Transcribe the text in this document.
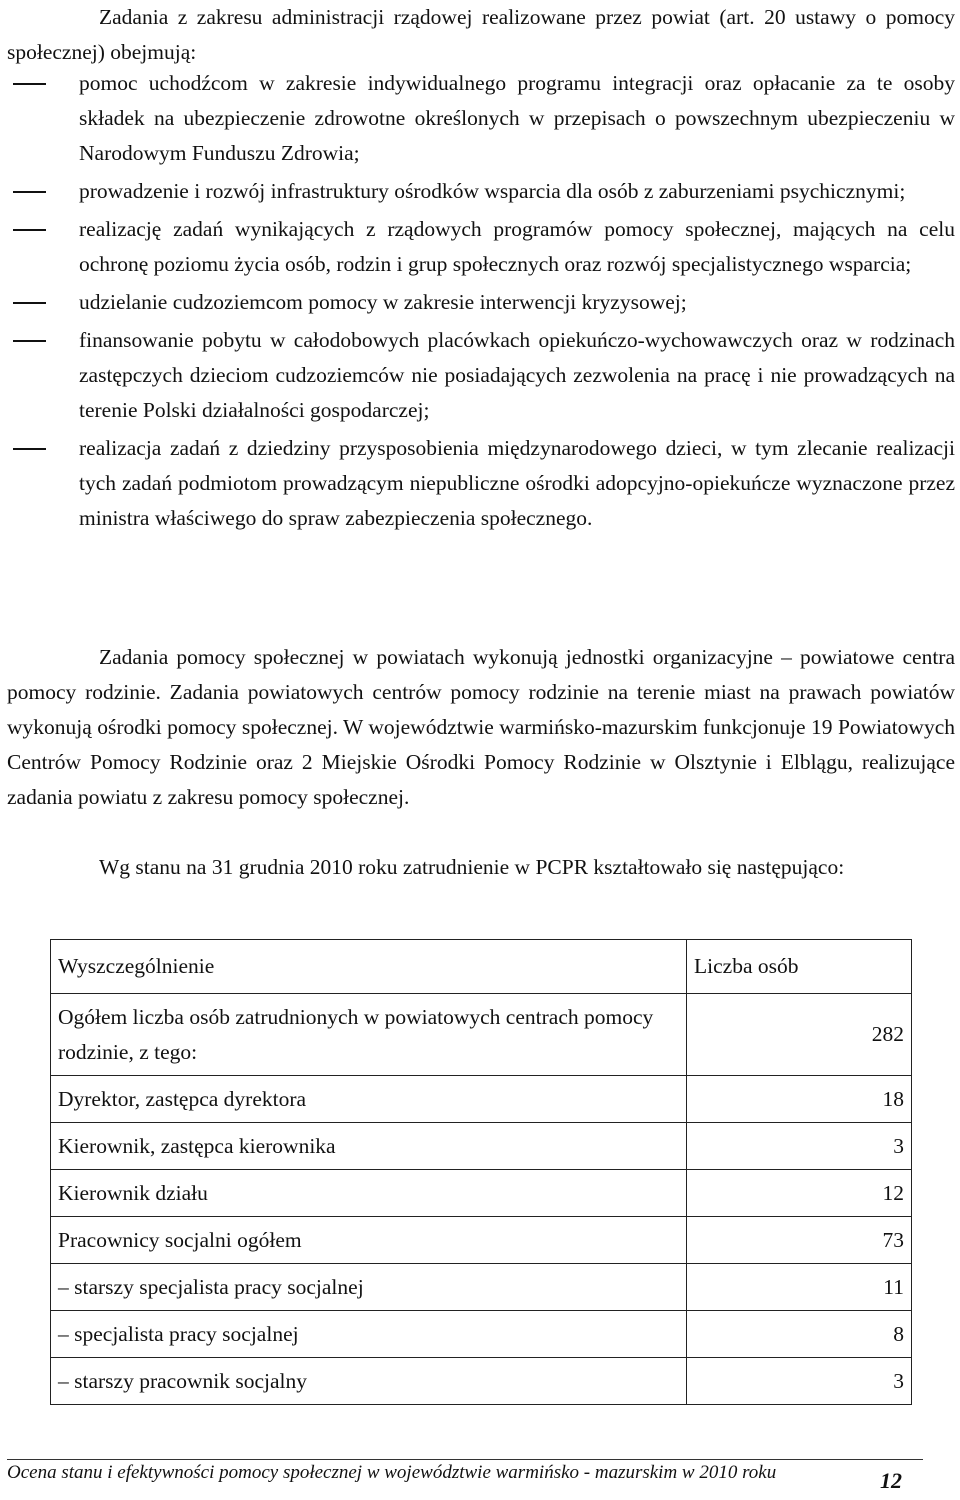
Zadania z zakresu administracji rządowej realizowane przez powiat (art. 20 ustawy o pomocy społecznej) obejmują:

pomoc uchodźcom w zakresie indywidualnego programu integracji oraz opłacanie za te osoby składek na ubezpieczenie zdrowotne określonych w przepisach o powszechnym ubezpieczeniu w Narodowym Funduszu Zdrowia;
prowadzenie i rozwój infrastruktury ośrodków wsparcia dla osób z zaburzeniami psychicznymi;
realizację zadań wynikających z rządowych programów pomocy społecznej, mających na celu ochronę poziomu życia osób, rodzin i grup społecznych oraz rozwój specjalistycznego wsparcia;
udzielanie cudzoziemcom pomocy w zakresie interwencji kryzysowej;
finansowanie pobytu w całodobowych placówkach opiekuńczo-wychowawczych oraz w rodzinach zastępczych dzieciom cudzoziemców nie posiadających zezwolenia na pracę i nie prowadzących na terenie Polski działalności gospodarczej;
realizacja zadań z dziedziny przysposobienia międzynarodowego dzieci, w tym zlecanie realizacji tych zadań podmiotom prowadzącym niepubliczne ośrodki adopcyjno-opiekuńcze wyznaczone przez ministra właściwego do spraw zabezpieczenia społecznego.

Zadania pomocy społecznej w powiatach wykonują jednostki organizacyjne – powiatowe centra pomocy rodzinie. Zadania powiatowych centrów pomocy rodzinie na terenie miast na prawach powiatów wykonują ośrodki pomocy społecznej. W województwie warmińsko-mazurskim funkcjonuje 19 Powiatowych Centrów Pomocy Rodzinie oraz 2 Miejskie Ośrodki Pomocy Rodzinie w Olsztynie i Elblągu, realizujące zadania powiatu z zakresu pomocy społecznej.

Wg stanu na 31 grudnia 2010 roku zatrudnienie w PCPR kształtowało się następująco:

Wyszczególnienie	Liczba osób
Ogółem liczba osób zatrudnionych w powiatowych centrach pomocy rodzinie, z tego:	282
Dyrektor, zastępca dyrektora	18
Kierownik, zastępca kierownika	3
Kierownik działu	12
Pracownicy socjalni ogółem	73
– starszy specjalista pracy socjalnej	11
– specjalista pracy socjalnej	8
– starszy pracownik socjalny	3
Ocena stanu i efektywności pomocy społecznej w województwie warmińsko - mazurskim w 2010 roku	12
